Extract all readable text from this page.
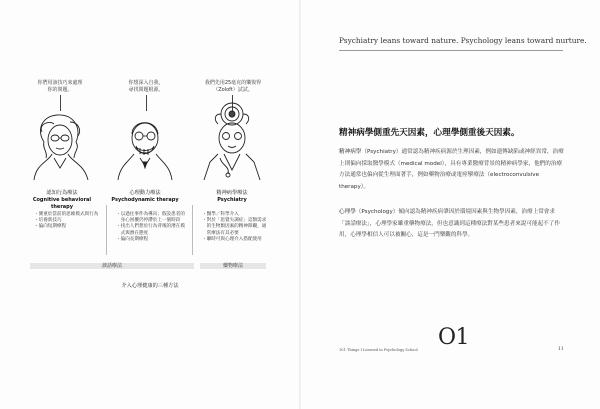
你們用該技巧來處理
你的問題。
認知行為療法
Cognitive behavioral therapy
・側重於當前的思維模式與行為
・培養新技巧
・偏向短期療程
你想深入自我，
尋找問題根源。
心理動力療法
Psychodynamic therapy
・以過往事件為導向；假設患者的
　身心困擾仍停滯於上一個時段
・找出人們想於行為背後的潛在模
　式與潛在態度
・偏向長期療程
我們先用25毫克的樂復得
（Zoloft）試試。
精神病學療法
Psychiatry
・醫學／科學介入
・對於「思覺失調症」這類需求
　的生物類因素的精神障礙，通
　常療法有其必要
・聯時可與心理介入搭配使用
談話療法	藥物療法
介入心理健康的三種方法
Psychiatry leans toward nature. Psychology leans toward nurture.
精神病學側重先天因素，心理學側重後天因素。
精神病學（Psychiatry）通常認為精神疾病源於生理因素，例如遺傳缺陷或神經異常，治療上則偏向採取醫學模式（medical model），具有專業醫療背景的精神病學家，他們的治療方法通常也偏向從生理面著手，例如藥物治療或電痙攣療法（electroconvulsive therapy）。
心理學（Psychology）傾向認為精神疾病肇因於環境因素與生物學因素，治療上常會求「談話療法」，心理學家雖重藥物療法，但也意識到這種療法對某些患者來說可能起不了作用，心理學相信人可以被關心，這是一門樂觀的科學。
101 Things I Learned in Psychology School O1	11
